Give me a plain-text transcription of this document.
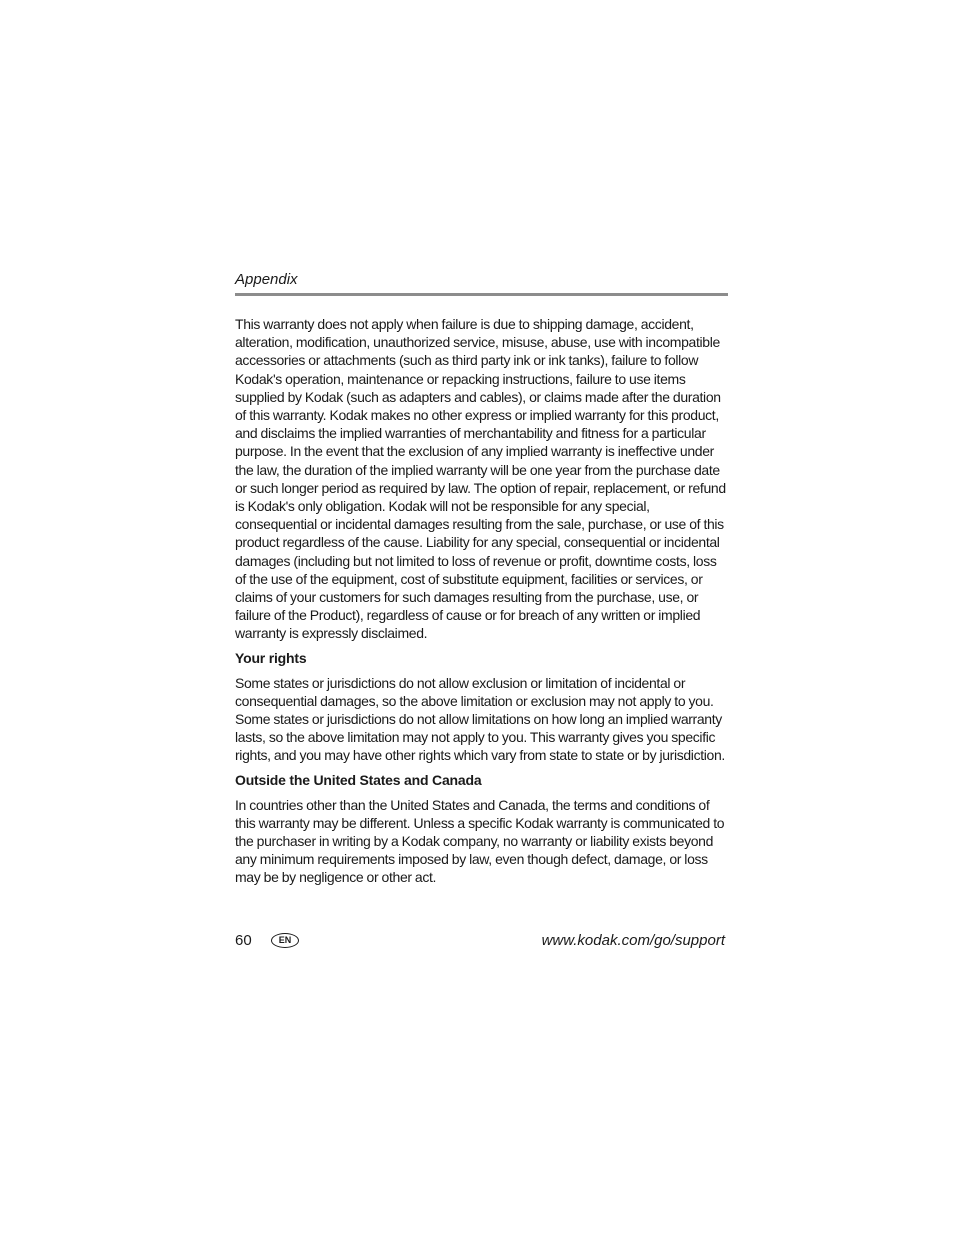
Appendix

This warranty does not apply when failure is due to shipping damage, accident, alteration, modification, unauthorized service, misuse, abuse, use with incompatible accessories or attachments (such as third party ink or ink tanks), failure to follow Kodak's operation, maintenance or repacking instructions, failure to use items supplied by Kodak (such as adapters and cables), or claims made after the duration of this warranty. Kodak makes no other express or implied warranty for this product, and disclaims the implied warranties of merchantability and fitness for a particular purpose. In the event that the exclusion of any implied warranty is ineffective under the law, the duration of the implied warranty will be one year from the purchase date or such longer period as required by law. The option of repair, replacement, or refund is Kodak's only obligation. Kodak will not be responsible for any special, consequential or incidental damages resulting from the sale, purchase, or use of this product regardless of the cause. Liability for any special, consequential or incidental damages (including but not limited to loss of revenue or profit, downtime costs, loss of the use of the equipment, cost of substitute equipment, facilities or services, or claims of your customers for such damages resulting from the purchase, use, or failure of the Product), regardless of cause or for breach of any written or implied warranty is expressly disclaimed.

Your rights

Some states or jurisdictions do not allow exclusion or limitation of incidental or consequential damages, so the above limitation or exclusion may not apply to you. Some states or jurisdictions do not allow limitations on how long an implied warranty lasts, so the above limitation may not apply to you. This warranty gives you specific rights, and you may have other rights which vary from state to state or by jurisdiction.

Outside the United States and Canada

In countries other than the United States and Canada, the terms and conditions of this warranty may be different. Unless a specific Kodak warranty is communicated to the purchaser in writing by a Kodak company, no warranty or liability exists beyond any minimum requirements imposed by law, even though defect, damage, or loss may be by negligence or other act.

60	EN	www.kodak.com/go/support
